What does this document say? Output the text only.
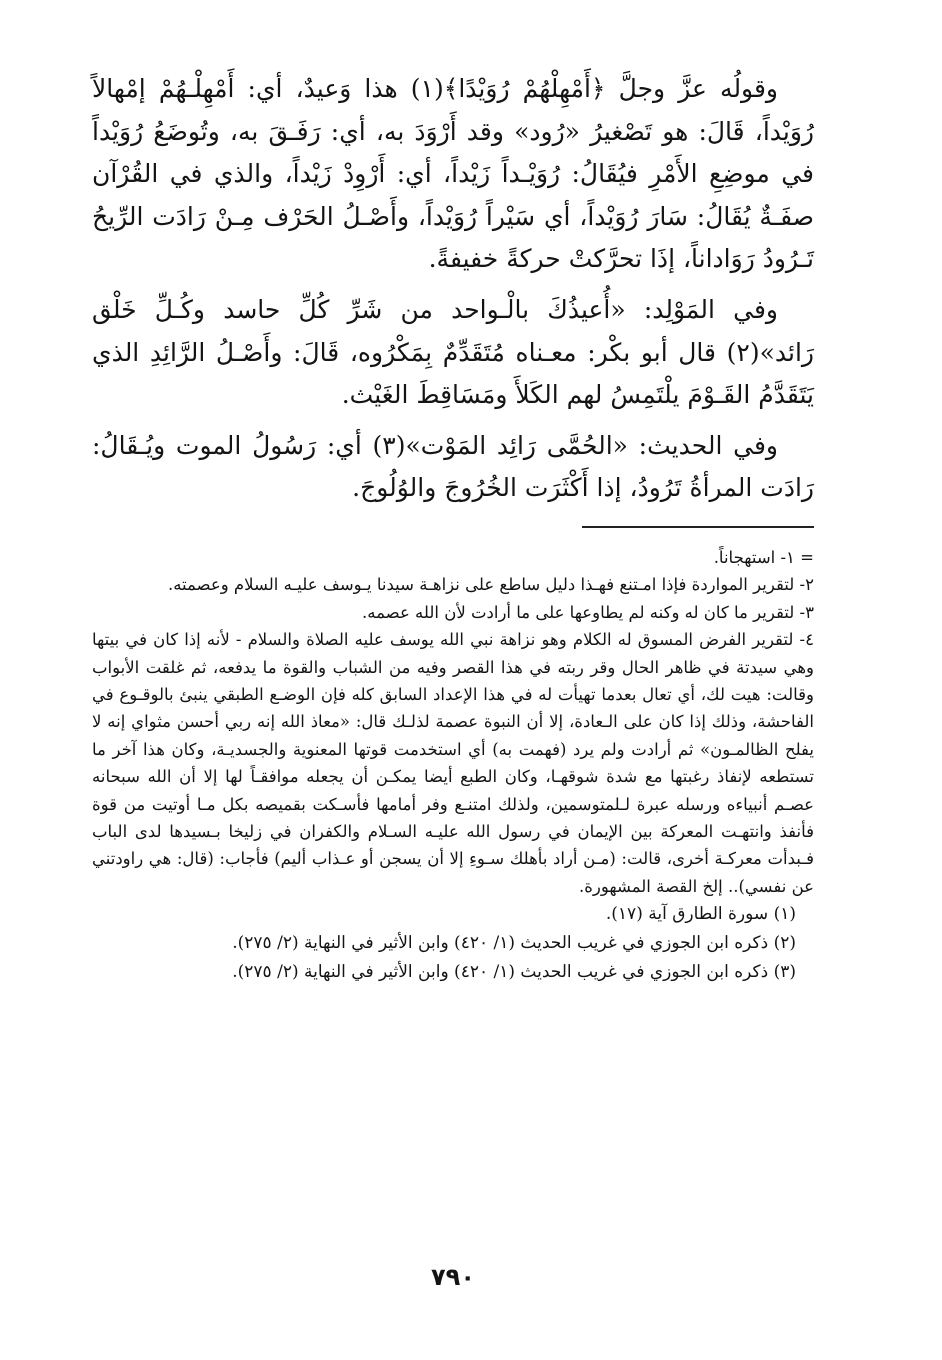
وقولُه عزَّ وجلَّ ﴿أَمْهِلْهُمْ رُوَيْدًا﴾(١) هذا وَعيدٌ، أي: أَمْهِلْـهُمْ إمْهالاً رُوَيْداً، قَالَ: هو تَصْغيرُ «رُود» وقد أَرْوَدَ به، أي: رَفَـقَ به، وتُوضَعُ رُوَيْداً في موضِعِ الأَمْرِ فيُقَالُ: رُوَيْـداً زَيْداً، أي: أَرْوِدْ زَيْداً، والذي في القُرْآن صفَـةٌ يُقَالُ: سَارَ رُوَيْداً، أي سَيْراً رُوَيْداً، وأَصْـلُ الحَرْف مِـنْ رَادَت الرِّيحُ تَـرُودُ رَوَاداناً، إذَا تحرَّكتْ حركةً خفيفةً.

وفي المَوْلِد: «أُعيذُكَ بالْـواحد من شَرِّ كُلِّ حاسد وكُـلِّ خَلْق رَائد»(٢) قال أبو بكْر: معـناه مُتَقَدِّمٌ بِمَكْرُوه، قَالَ: وأَصْـلُ الرَّائِدِ الذي يَتَقَدَّمُ القَـوْمَ يلْتَمِسُ لهم الكَلأَ ومَسَاقِطَ الغَيْث.

وفي الحديث: «الحُمَّى رَائِد المَوْت»(٣) أي: رَسُولُ الموت ويُـقَالُ: رَادَت المرأةُ تَرُودُ، إذا أَكْثَرَت الخُرُوجَ والوُلُوجَ.

= ١- استهجاناً.

٢- لتقرير المواردة فإذا امـتنع فهـذا دليل ساطع على نزاهـة سيدنا يـوسف عليـه السلام وعصمته.

٣- لتقرير ما كان له وكنه لم يطاوعها على ما أرادت لأن الله عصمه.

٤- لتقرير الفرض المسوق له الكلام وهو نزاهة نبي الله يوسف عليه الصلاة والسلام - لأنه إذا كان في بيتها وهي سيدتة في ظاهر الحال وقر ربته في هذا القصر وفيه من الشباب والقوة ما يدفعه، ثم غلقت الأبواب وقالت: هيت لك، أي تعال بعدما تهيأت له في هذا الإعداد السابق كله فإن الوضـع الطبقي ينبئ بالوقـوع في الفاحشة، وذلك إذا كان على الـعادة، إلا أن النبوة عصمة لذلـك قال: «معاذ الله إنه ربي أحسن مثواي إنه لا يفلح الظالمـون» ثم أرادت ولم يرد (فهمت به) أي استخدمت قوتها المعنوية والجسديـة، وكان هذا آخر ما تستطعه لإنفاذ رغبتها مع شدة شوقهـا، وكان الطبع أيضا يمكـن أن يجعله موافقـاً لها إلا أن الله سبحانه عصـم أنبياءه ورسله عبرة لـلمتوسمين، ولذلك امتنـع وفر أمامها فأسـكت بقميصه بكل مـا أوتيت من قوة فأنفذ وانتهـت المعركة بين الإيمان في رسول الله عليـه السـلام والكفران في زليخا بـسيدها لدى الباب فـبدأت معركـة أخرى، قالت: (مـن أراد بأهلك سـوءِ إلا أن يسجن أو عـذاب أليم) فأجاب: (قال: هي راودتني عن نفسي).. إلخ القصة المشهورة.

(١) سورة الطارق آية (١٧).

(٢) ذكره ابن الجوزي في غريب الحديث (١/ ٤٢٠) وابن الأثير في النهاية (٢/ ٢٧٥).

(٣) ذكره ابن الجوزي في غريب الحديث (١/ ٤٢٠) وابن الأثير في النهاية (٢/ ٢٧٥).

٧٩٠
